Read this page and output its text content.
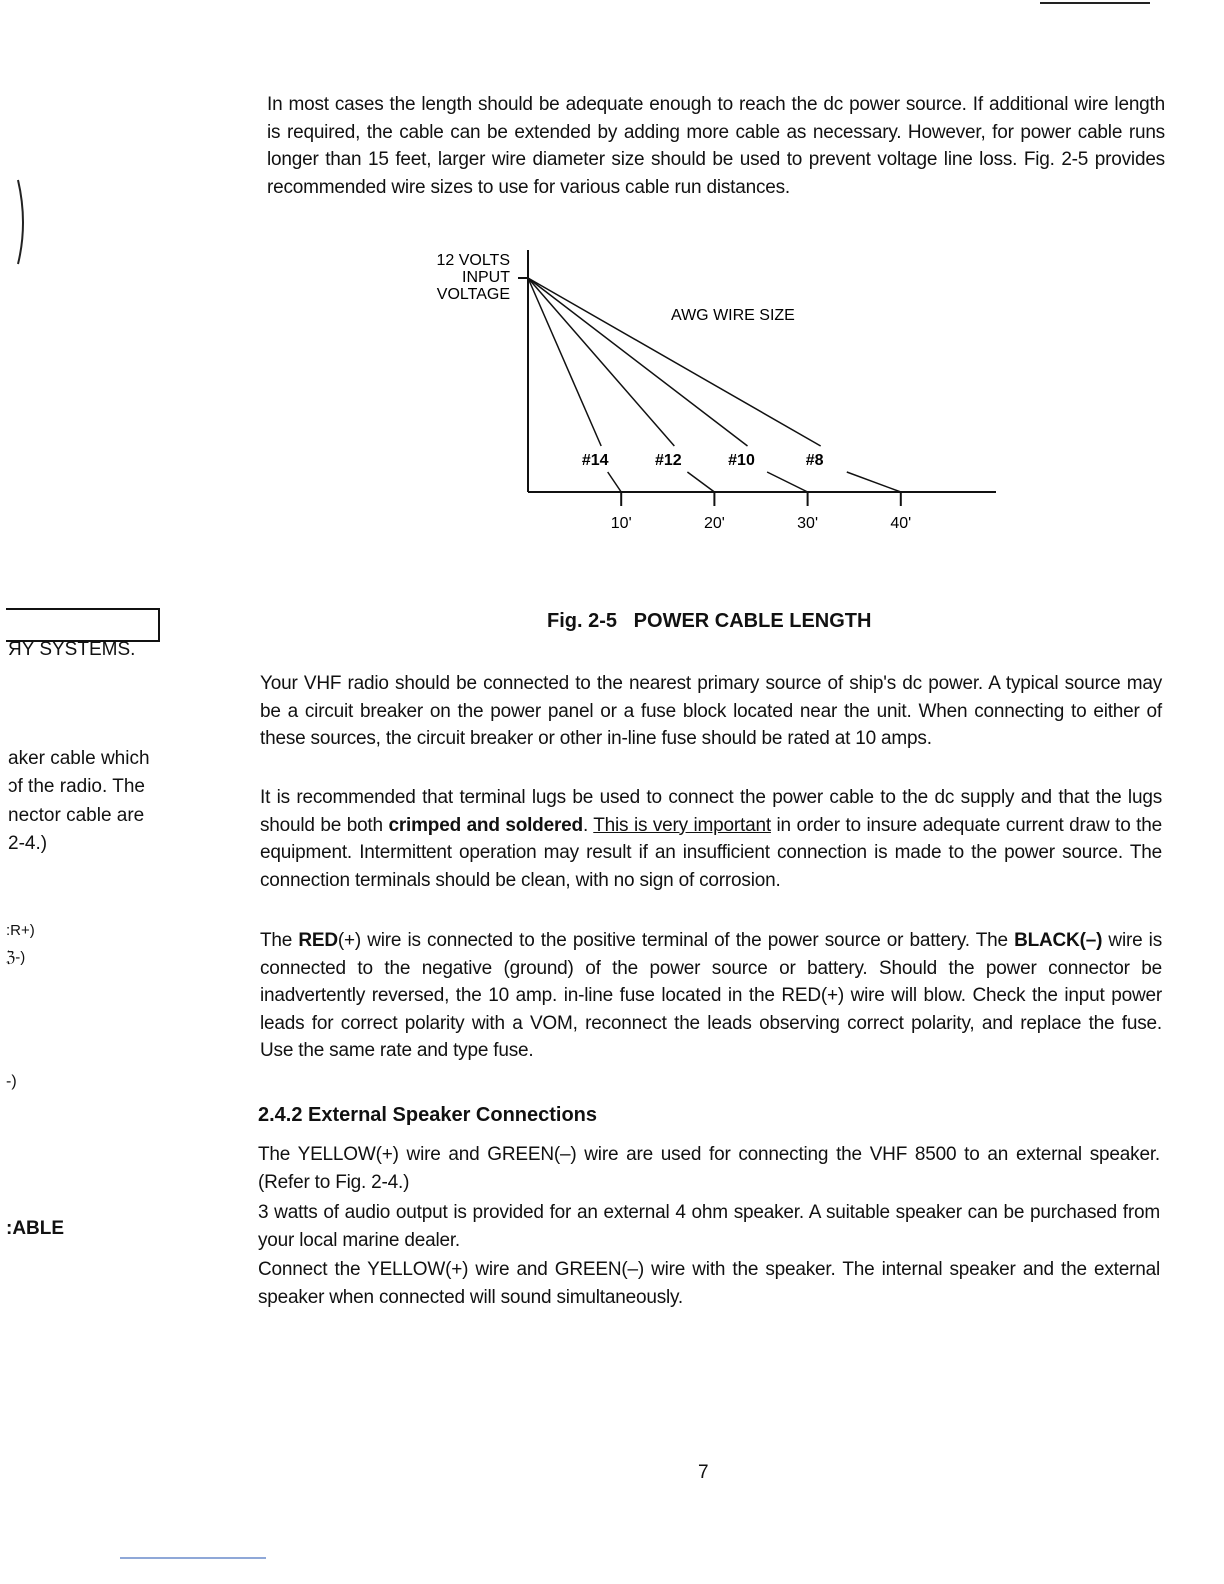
In most cases the length should be adequate enough to reach the dc power source. If additional wire length is required, the cable can be extended by adding more cable as necessary. However, for power cable runs longer than 15 feet, larger wire diameter size should be used to prevent voltage line loss. Fig. 2-5 provides recommended wire sizes to use for various cable run distances.

12 VOLTS
INPUT
VOLTAGE
AWG WIRE SIZE
10'	20'	30'	40'
#14	#12	#10	#8
Fig. 2-5   POWER CABLE LENGTH

Your VHF radio should be connected to the nearest primary source of ship's dc power. A typical source may be a circuit breaker on the power panel or a fuse block located near the unit. When connecting to either of these sources, the circuit breaker or other in-line fuse should be rated at 10 amps.

It is recommended that terminal lugs be used to connect the power cable to the dc supply and that the lugs should be both crimped and soldered. This is very important in order to insure adequate current draw to the equipment. Intermittent operation may result if an insufficient connection is made to the power source. The connection terminals should be clean, with no sign of corrosion.

The RED(+) wire is connected to the positive terminal of the power source or battery. The BLACK(–) wire is connected to the negative (ground) of the power source or battery. Should the power connector be inadvertently reversed, the 10 amp. in-line fuse located in the RED(+) wire will blow. Check the input power leads for correct polarity with a VOM, reconnect the leads observing correct polarity, and replace the fuse. Use the same rate and type fuse.

2.4.2 External Speaker Connections

The YELLOW(+) wire and GREEN(–) wire are used for connecting the VHF 8500 to an external speaker. (Refer to Fig. 2-4.)

3 watts of audio output is provided for an external 4 ohm speaker. A suitable speaker can be purchased from your local marine dealer.

Connect the YELLOW(+) wire and GREEN(–) wire with the speaker. The internal speaker and the external speaker when connected will sound simultaneously.

ЯY SYSTEMS.
aker cable which
ɔf the radio. The
nector cable are
2-4.)
:R+)
ℨ-)
-)
:ABLE
7
